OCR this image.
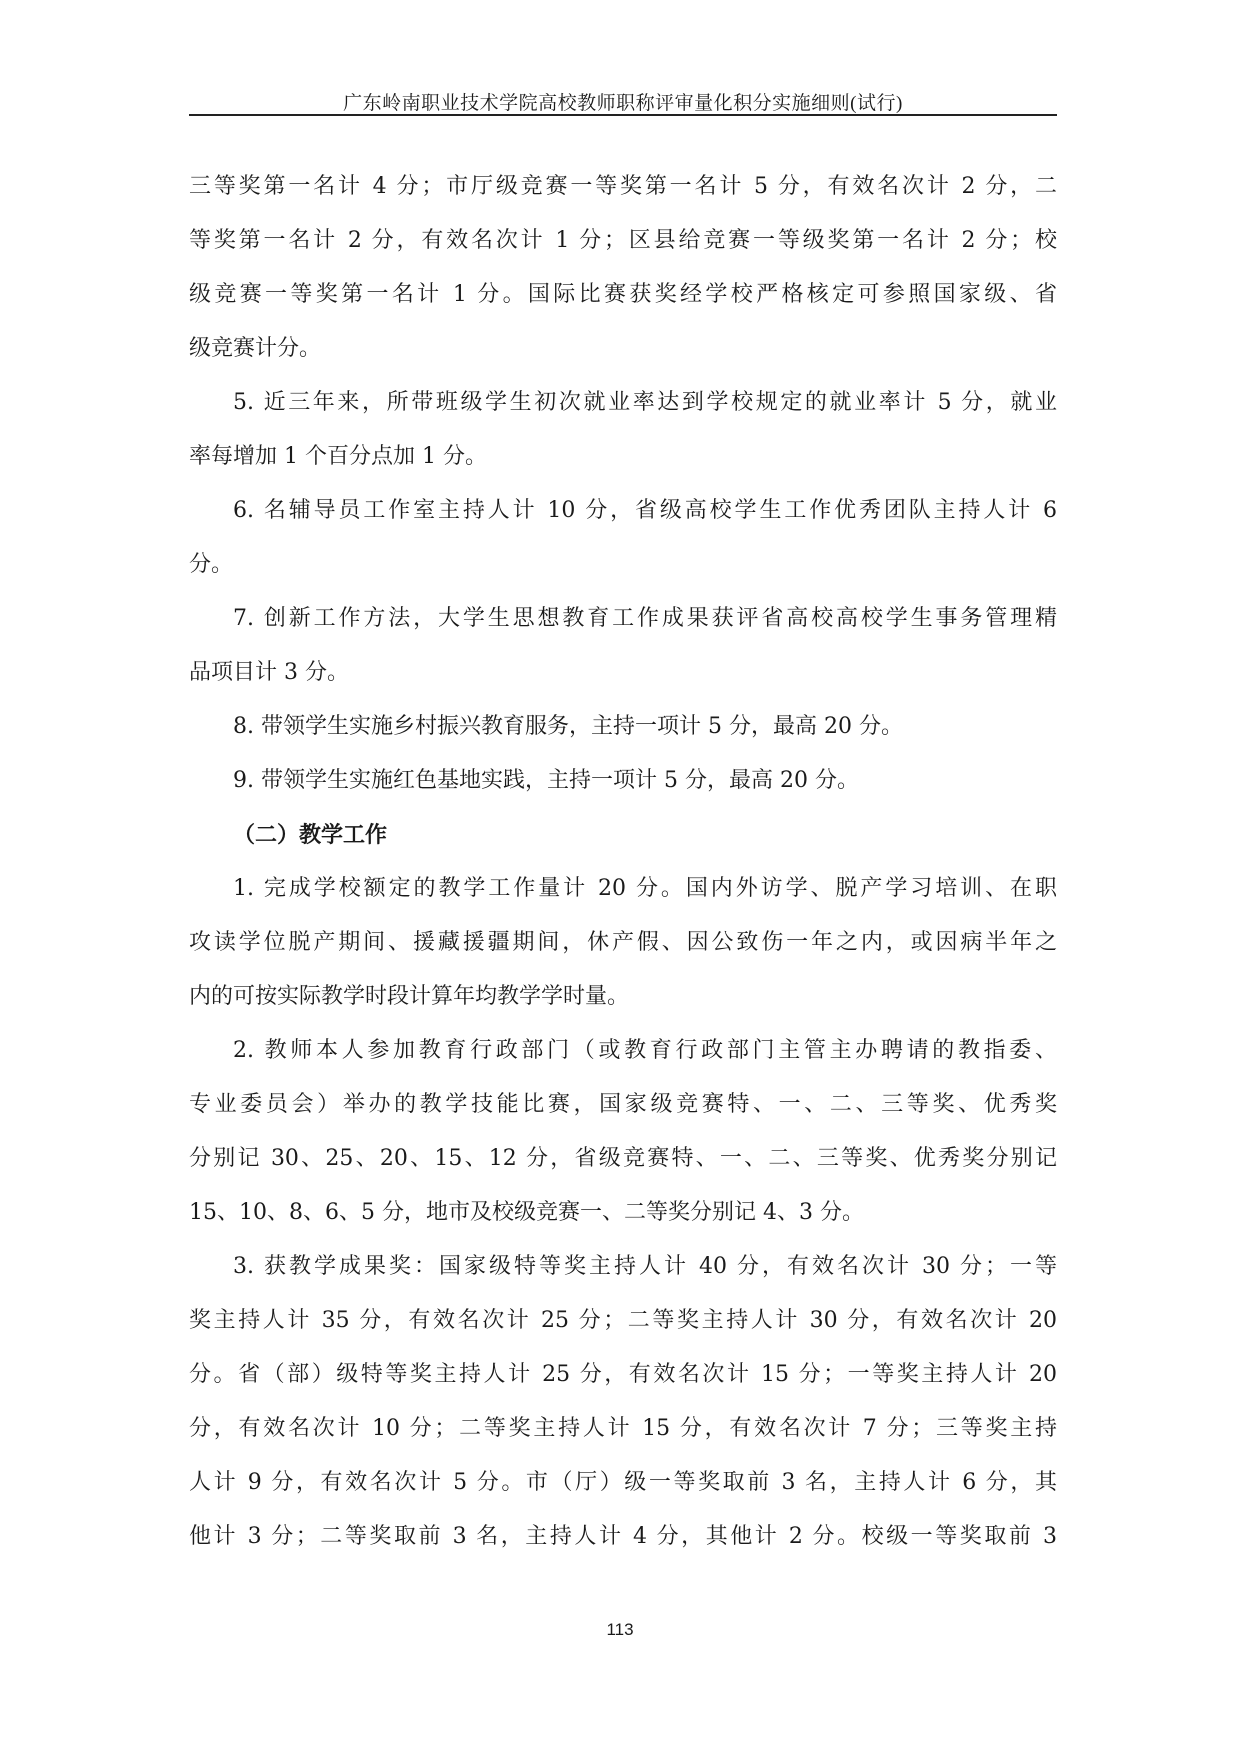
广东岭南职业技术学院高校教师职称评审量化积分实施细则(试行)
三等奖第一名计 4 分；市厅级竞赛一等奖第一名计 5 分，有效名次计 2 分，二
等奖第一名计 2 分，有效名次计 1 分；区县给竞赛一等级奖第一名计 2 分；校
级竞赛一等奖第一名计 1 分。国际比赛获奖经学校严格核定可参照国家级、省
级竞赛计分。
5. 近三年来，所带班级学生初次就业率达到学校规定的就业率计 5 分，就业
率每增加 1 个百分点加 1 分。
6. 名辅导员工作室主持人计 10 分，省级高校学生工作优秀团队主持人计 6
分。
7. 创新工作方法，大学生思想教育工作成果获评省高校高校学生事务管理精
品项目计 3 分。
8. 带领学生实施乡村振兴教育服务，主持一项计 5 分，最高 20 分。
9. 带领学生实施红色基地实践，主持一项计 5 分，最高 20 分。
（二）教学工作
1. 完成学校额定的教学工作量计 20 分。国内外访学、脱产学习培训、在职
攻读学位脱产期间、援藏援疆期间，休产假、因公致伤一年之内，或因病半年之
内的可按实际教学时段计算年均教学学时量。
2. 教师本人参加教育行政部门（或教育行政部门主管主办聘请的教指委、
专业委员会）举办的教学技能比赛，国家级竞赛特、一、二、三等奖、优秀奖
分别记 30、25、20、15、12 分，省级竞赛特、一、二、三等奖、优秀奖分别记
15、10、8、6、5 分，地市及校级竞赛一、二等奖分别记 4、3 分。
3. 获教学成果奖：国家级特等奖主持人计 40 分，有效名次计 30 分；一等
奖主持人计 35 分，有效名次计 25 分；二等奖主持人计 30 分，有效名次计 20
分。省（部）级特等奖主持人计 25 分，有效名次计 15 分；一等奖主持人计 20
分，有效名次计 10 分；二等奖主持人计 15 分，有效名次计 7 分；三等奖主持
人计 9 分，有效名次计 5 分。市（厅）级一等奖取前 3 名，主持人计 6 分，其
他计 3 分；二等奖取前 3 名，主持人计 4 分，其他计 2 分。校级一等奖取前 3
113
